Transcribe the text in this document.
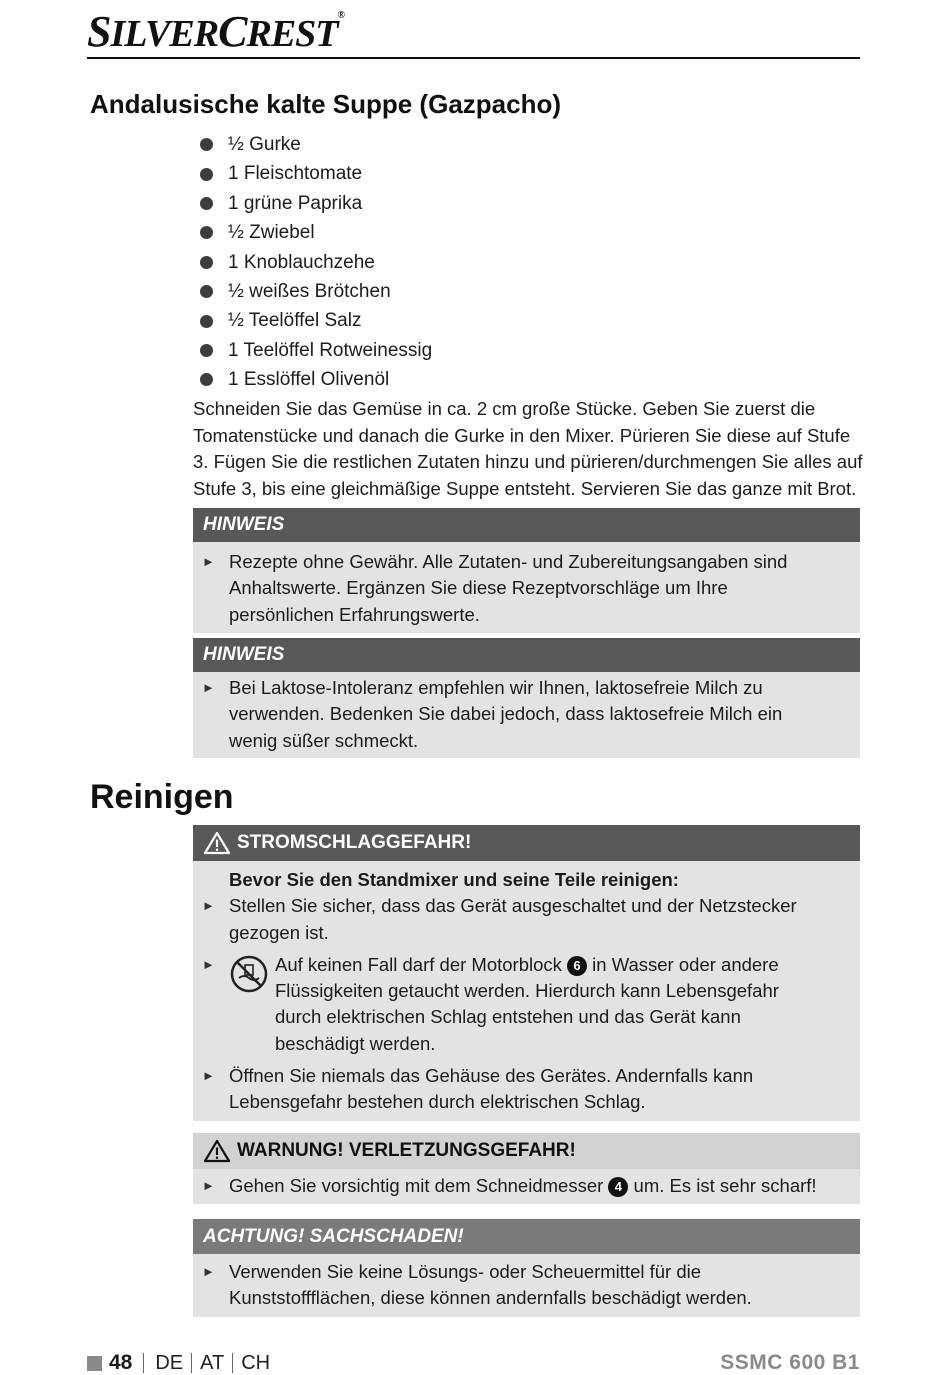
SILVERCREST®
Andalusische kalte Suppe (Gazpacho)
½ Gurke
1 Fleischtomate
1 grüne Paprika
½ Zwiebel
1 Knoblauchzehe
½ weißes Brötchen
½ Teelöffel Salz
1 Teelöffel Rotweinessig
1 Esslöffel Olivenöl

Schneiden Sie das Gemüse in ca. 2 cm große Stücke. Geben Sie zuerst die Tomatenstücke und danach die Gurke in den Mixer. Pürieren Sie diese auf Stufe 3. Fügen Sie die restlichen Zutaten hinzu und pürieren/durchmengen Sie alles auf Stufe 3, bis eine gleichmäßige Suppe entsteht. Servieren Sie das ganze mit Brot.

HINWEIS
► Rezepte ohne Gewähr. Alle Zutaten- und Zubereitungsangaben sind Anhaltswerte. Ergänzen Sie diese Rezeptvorschläge um Ihre persönlichen Erfahrungswerte.
HINWEIS
► Bei Laktose-Intoleranz empfehlen wir Ihnen, laktosefreie Milch zu verwenden. Bedenken Sie dabei jedoch, dass laktosefreie Milch ein wenig süßer schmeckt.
Reinigen
STROMSCHLAGGEFAHR!
Bevor Sie den Standmixer und seine Teile reinigen:
► Stellen Sie sicher, dass das Gerät ausgeschaltet und der Netzstecker gezogen ist.
►	Auf keinen Fall darf der Motorblock 6 in Wasser oder andere Flüssigkeiten getaucht werden. Hierdurch kann Lebensgefahr durch elektrischen Schlag entstehen und das Gerät kann beschädigt werden.
► Öffnen Sie niemals das Gehäuse des Gerätes. Andernfalls kann Lebensgefahr bestehen durch elektrischen Schlag.
WARNUNG! VERLETZUNGSGEFAHR!
► Gehen Sie vorsichtig mit dem Schneidmesser 4 um. Es ist sehr scharf!
ACHTUNG! SACHSCHADEN!
► Verwenden Sie keine Lösungs- oder Scheuermittel für die Kunststoffflächen, diese können andernfalls beschädigt werden.
48 DE AT CH	SSMC 600 B1
